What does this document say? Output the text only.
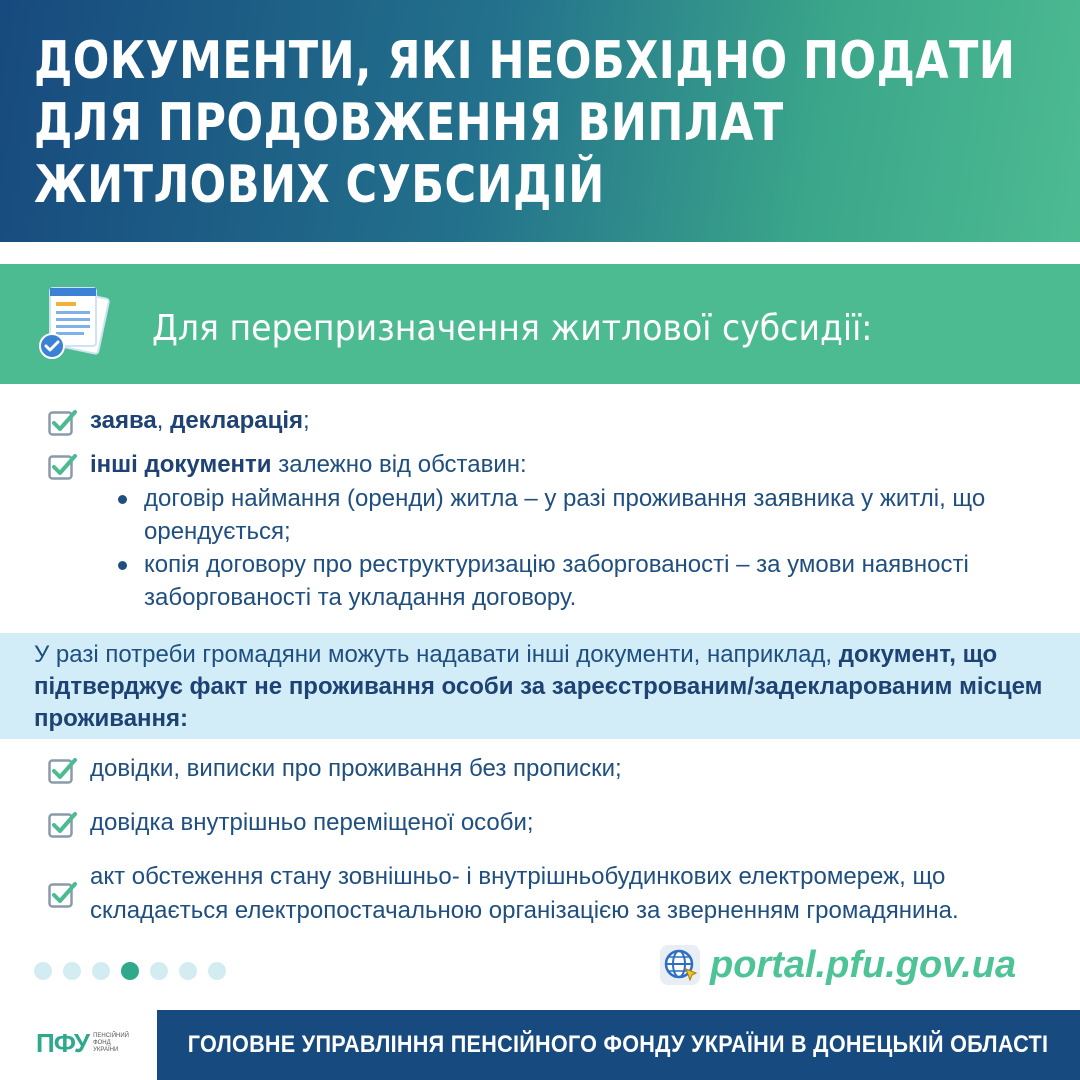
ДОКУМЕНТИ, ЯКІ НЕОБХІДНО ПОДАТИ
ДЛЯ ПРОДОВЖЕННЯ ВИПЛАТ
ЖИТЛОВИХ СУБСИДІЙ
Для перепризначення житлової субсидії:
заява, декларація;
інші документи залежно від обставин:
договір наймання (оренди) житла – у разі проживання заявника у житлі, що орендується;
копія договору про реструктуризацію заборгованості – за умови наявності заборгованості та укладання договору.
У разі потреби громадяни можуть надавати інші документи, наприклад, документ, що підтверджує факт не проживання особи за зареєстрованим/задекларованим місцем проживання:
довідки, виписки про проживання без прописки;
довідка внутрішньо переміщеної особи;
акт обстеження стану зовнішньо- і внутрішньобудинкових електромереж, що складається електропостачальною організацією за зверненням громадянина.
portal.pfu.gov.ua
ПФУ ПЕНСІЙНИЙ ФОНД УКРАЇНИ	ГОЛОВНЕ УПРАВЛІННЯ ПЕНСІЙНОГО ФОНДУ УКРАЇНИ В ДОНЕЦЬКІЙ ОБЛАСТІ
